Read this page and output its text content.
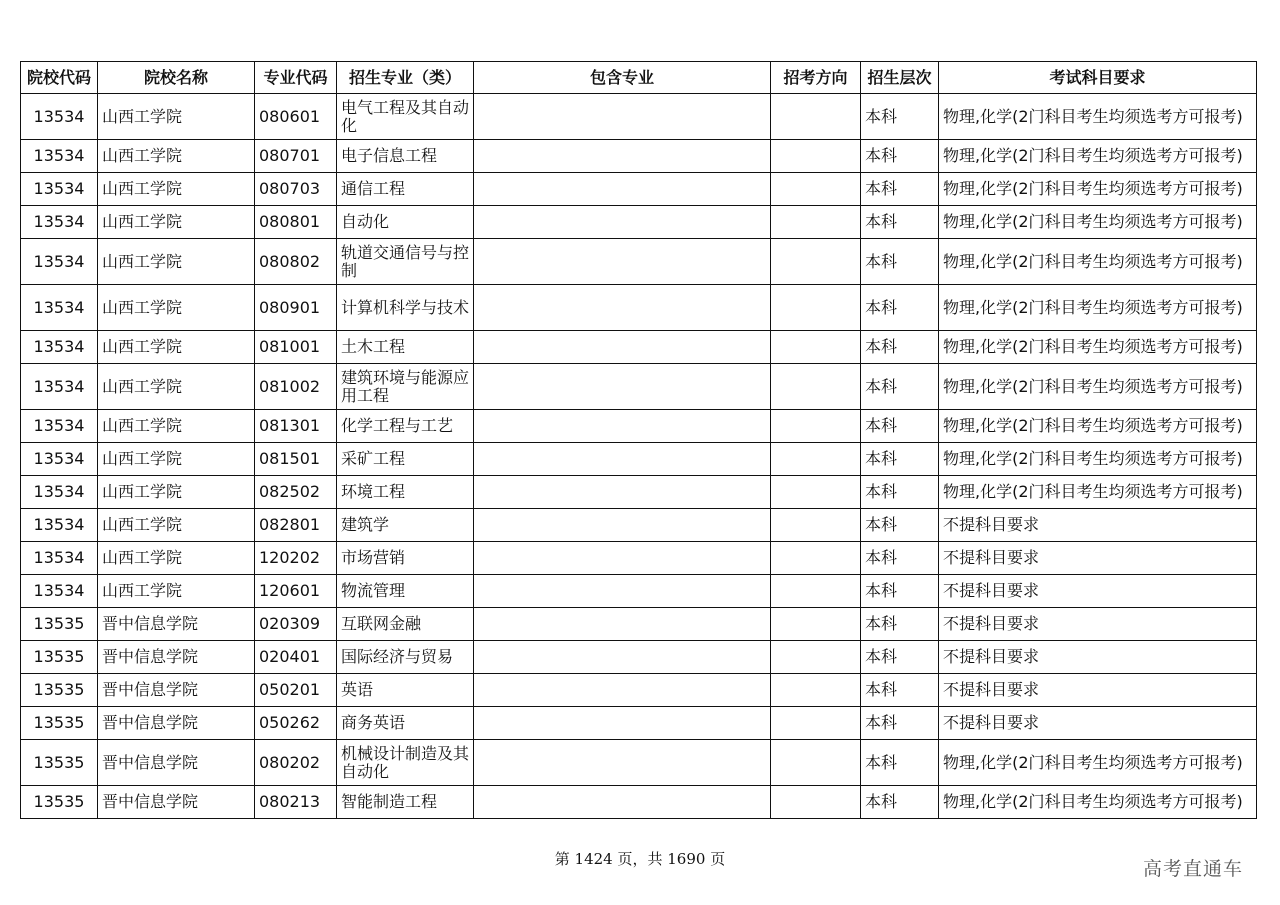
院校代码	院校名称	专业代码	招生专业（类）	包含专业	招考方向	招生层次	考试科目要求
13534	山西工学院	080601	电气工程及其自动化			本科	物理,化学(2门科目考生均须选考方可报考)
13534	山西工学院	080701	电子信息工程			本科	物理,化学(2门科目考生均须选考方可报考)
13534	山西工学院	080703	通信工程			本科	物理,化学(2门科目考生均须选考方可报考)
13534	山西工学院	080801	自动化			本科	物理,化学(2门科目考生均须选考方可报考)
13534	山西工学院	080802	轨道交通信号与控制			本科	物理,化学(2门科目考生均须选考方可报考)
13534	山西工学院	080901	计算机科学与技术			本科	物理,化学(2门科目考生均须选考方可报考)
13534	山西工学院	081001	土木工程			本科	物理,化学(2门科目考生均须选考方可报考)
13534	山西工学院	081002	建筑环境与能源应用工程			本科	物理,化学(2门科目考生均须选考方可报考)
13534	山西工学院	081301	化学工程与工艺			本科	物理,化学(2门科目考生均须选考方可报考)
13534	山西工学院	081501	采矿工程			本科	物理,化学(2门科目考生均须选考方可报考)
13534	山西工学院	082502	环境工程			本科	物理,化学(2门科目考生均须选考方可报考)
13534	山西工学院	082801	建筑学			本科	不提科目要求
13534	山西工学院	120202	市场营销			本科	不提科目要求
13534	山西工学院	120601	物流管理			本科	不提科目要求
13535	晋中信息学院	020309	互联网金融			本科	不提科目要求
13535	晋中信息学院	020401	国际经济与贸易			本科	不提科目要求
13535	晋中信息学院	050201	英语			本科	不提科目要求
13535	晋中信息学院	050262	商务英语			本科	不提科目要求
13535	晋中信息学院	080202	机械设计制造及其自动化			本科	物理,化学(2门科目考生均须选考方可报考)
13535	晋中信息学院	080213	智能制造工程			本科	物理,化学(2门科目考生均须选考方可报考)
第 1424 页，共 1690 页	高考直通车
